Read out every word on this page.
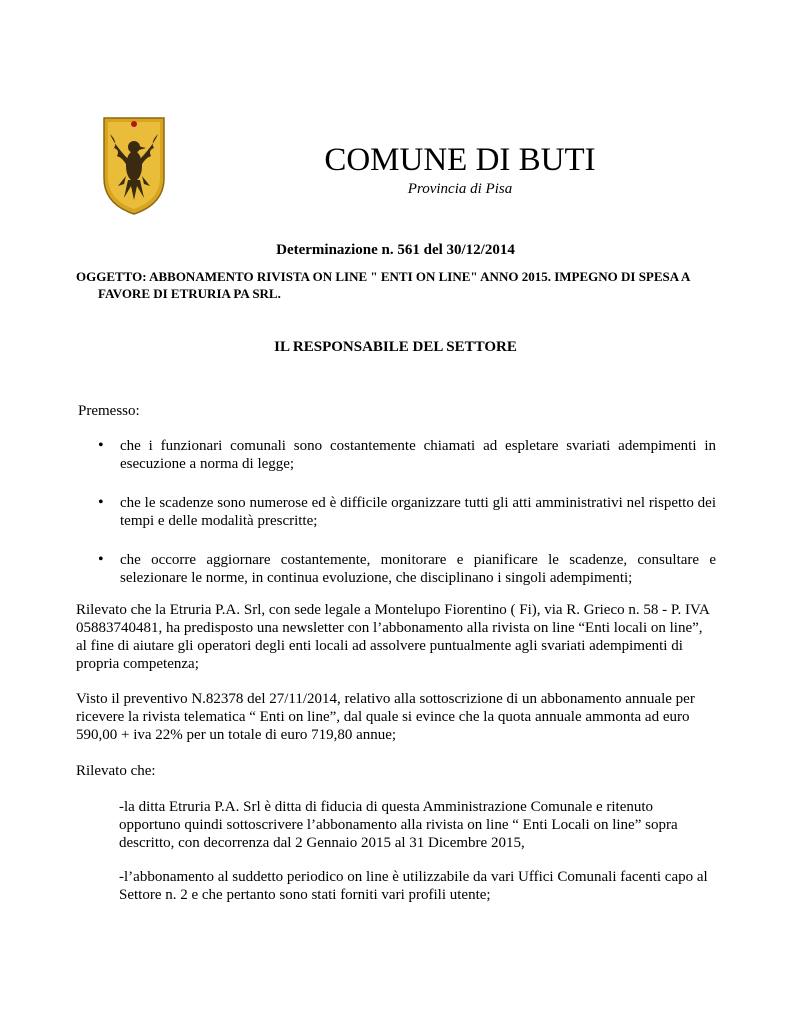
COMUNE DI BUTI
Provincia di Pisa
Determinazione n. 561 del 30/12/2014
OGGETTO: ABBONAMENTO RIVISTA ON LINE " ENTI ON LINE" ANNO 2015. IMPEGNO DI SPESA A FAVORE DI ETRURIA PA SRL.
IL RESPONSABILE DEL SETTORE
Premesso:
• che i funzionari comunali sono costantemente chiamati ad espletare svariati adempimenti in esecuzione a norma di legge;
• che le scadenze sono numerose ed è difficile organizzare tutti gli atti amministrativi nel rispetto dei tempi e delle modalità prescritte;
• che occorre aggiornare costantemente, monitorare e pianificare le scadenze, consultare e selezionare le norme, in continua evoluzione, che disciplinano i singoli adempimenti;
Rilevato che la Etruria P.A. Srl, con sede legale a Montelupo Fiorentino ( Fi), via R. Grieco n. 58 - P. IVA 05883740481, ha predisposto una newsletter con l’abbonamento alla rivista on line “Enti locali on line”, al fine di aiutare gli operatori degli enti locali ad assolvere puntualmente agli svariati adempimenti di propria competenza;
Visto il preventivo N.82378 del 27/11/2014, relativo alla sottoscrizione di un abbonamento annuale per ricevere la rivista telematica “ Enti on line”, dal quale si evince che la quota annuale ammonta ad euro 590,00 + iva 22% per un totale di euro 719,80 annue;
Rilevato che:
-la ditta Etruria P.A. Srl è ditta di fiducia di questa Amministrazione Comunale e ritenuto opportuno quindi sottoscrivere l’abbonamento alla rivista on line “ Enti Locali on line” sopra descritto, con decorrenza dal 2 Gennaio 2015 al 31 Dicembre 2015,
-l’abbonamento al suddetto periodico on line è utilizzabile da vari Uffici Comunali facenti capo al Settore n. 2 e che pertanto sono stati forniti vari profili utente;
